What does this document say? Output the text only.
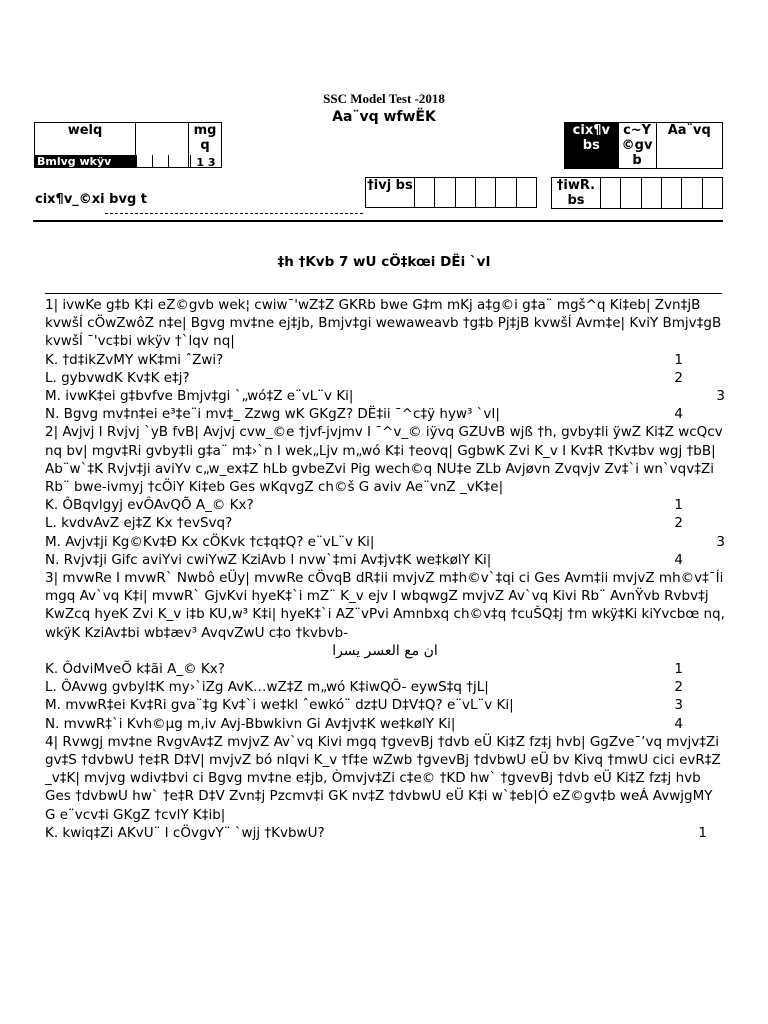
SSC Model Test -2018
Aa¨vq wfwËK
welq		mg q
Bmlvg wkÿv	1 3
cix¶v bs	c~Y ©gv b	Aa¨vq
†ivj bs							†iwR. bs						
cix¶v_©xi bvg t
‡h †Kvb 7 wU cÖ‡kœi DËi `vI
1| ivwKe g‡b K‡i eZ©gvb wek¦ cwiw¯'wZ‡Z GKRb bwe G‡m mKj a‡g©i g‡a¨ mgš^q Ki‡eb| Zvn‡jB kvwšÍ cÖwZwôZ n‡e| Bgvg mv‡ne ej‡jb, Bmjv‡gi wewaweavb †g‡b Pj‡jB kvwšÍ Avm‡e| KviY Bmjv‡gB kvwšÍ ¯'vc‡bi wkÿv †`lqv nq|
K. †d‡ikZvMY wK‡mi ˆZwi?	1
L. gybvwdK Kv‡K e‡j?	2
M. ivwK‡ei g‡bvfve Bmjv‡gi `„wó‡Z e¨vL¨v Ki|	3
N. Bgvg mv‡n‡ei e³‡e¨i mv‡_ Zzwg wK GKgZ? DË‡ii ¯^c‡ÿ hyw³ `vI|	4
2| Avjvj I Rvjvj `yB fvB| Avjvj cvw_©e †jvf-jvjmv I ¯^v_© iÿvq GZUvB wjß †h, gvby‡li ÿwZ Ki‡Z wcQcv nq bv| mgv‡Ri gvby‡li g‡a¨ m‡›`n I wek„Ljv m„wó K‡i †eovq| GgbwK Zvi K_v I Kv‡R †Kv‡bv wgj †bB| Ab¨w`‡K Rvjv‡ji aviYv c„w_ex‡Z hLb gvbeZvi Pig wech©q NU‡e ZLb Avjøvn Zvqvjv Zv‡`i wn`vqv‡Zi Rb¨ bwe-ivmyj †cÖiY Ki‡eb Ges wKqvgZ ch©š G aviv Ae¨vnZ _vK‡e|
K. ÔBqvlgyj evÔAvQÕ A_© Kx?	1
L. kvdvAvZ ej‡Z Kx †evSvq?	2
M. Avjv‡ji Kg©Kv‡Ð Kx cÖKvk †c‡q‡Q? e¨vL¨v Ki|	3
N. Rvjv‡ji Gifc aviYvi cwiYwZ KziAvb I nvw`‡mi Av‡jv‡K we‡kølY Ki|	4
3| mvwRe I mvwR` Nwbô eÜy| mvwRe cÖvqB dR‡ii mvjvZ m‡h©v`‡qi ci Ges Avm‡ii mvjvZ mh©v‡¯Íi mgq Av`vq K‡i| mvwR` GjvKvi hyeK‡`i mZ¨ K_v ejv I wbqwgZ mvjvZ Av`vq Kivi Rb¨ AvnŸvb Rvbv‡j KwZcq hyeK Zvi K_v i‡b KU‚w³ K‡i| hyeK‡`i AZ¨vPvi Amnbxq ch©v‡q †cuŠQ‡j †m wkÿ‡Ki kiYvcbœ nq, wkÿK KziAv‡bi wb‡æv³ AvqvZwU c‡o †kvbvb-
ان مع العسر يسرا
K. ÔdviMveÕ k‡ãi A_© Kx?	1
L. ÔAvwg gvbyl‡K my›`iZg AvK…wZ‡Z m„wó K‡iwQÕ- eywS‡q †jL|	2
M. mvwR‡ei Kv‡Ri gva¨‡g Kv‡`i we‡kl ˆewkó¨ dz‡U D‡V‡Q? e¨vL¨v Ki|	3
N. mvwR‡`i Kvh©µg m‚iv Avj-Bbwkivn Gi Av‡jv‡K we‡kølY Ki|	4
4| Rvwgj mv‡ne RvgvAv‡Z mvjvZ Av`vq Kivi mgq †gvevBj †dvb eÜ Ki‡Z fz‡j hvb| GgZve¯’vq mvjv‡Zi gv‡S †dvbwU †e‡R D‡V| mvjvZ bó nIqvi K_v †f‡e wZwb †gvevBj †dvbwU eÜ bv Kivq †mwU cici evR‡Z _v‡K| mvjvg wdiv‡bvi ci Bgvg mv‡ne e‡jb, Òmvjv‡Zi c‡e© †KD hw` †gvevBj †dvb eÜ Ki‡Z fz‡j hvb Ges †dvbwU hw` †e‡R D‡V Zvn‡j Pzcmv‡i GK nv‡Z †dvbwU eÜ K‡i w`‡eb|Ó eZ©gv‡b weÁ AvwjgMY G e¨vcv‡i GKgZ †cvlY K‡ib|
K. kwiq‡Zi AKvU¨ I cÖvgvY¨ `wjj †KvbwU?	1
